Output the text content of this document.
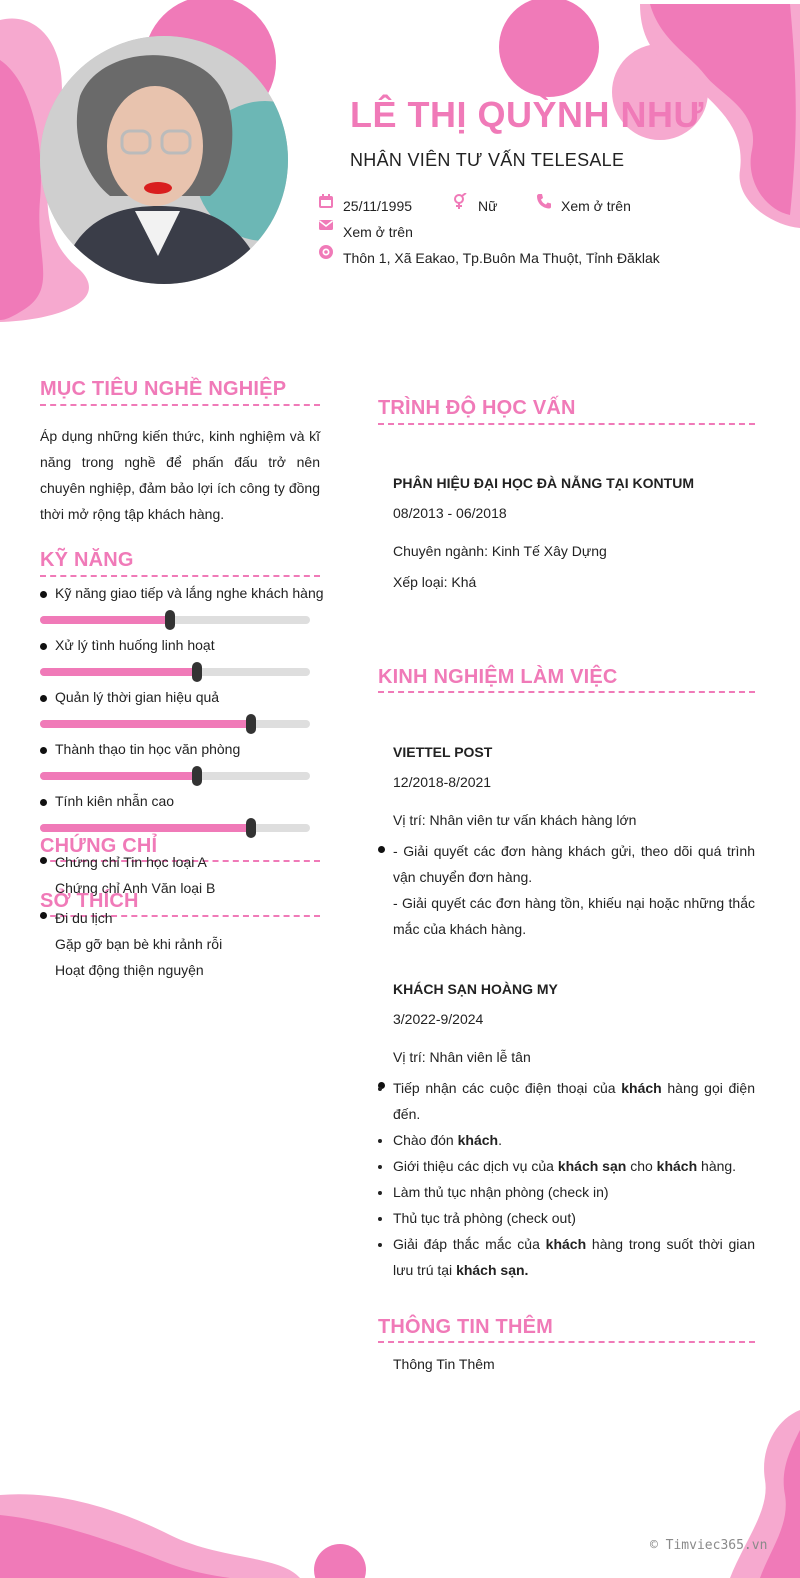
LÊ THỊ QUỲNH NHƯ
NHÂN VIÊN TƯ VẤN TELESALE
25/11/1995	Nữ	Xem ở trên
Xem ở trên
Thôn 1, Xã Eakao, Tp.Buôn Ma Thuột, Tỉnh Đăklak
MỤC TIÊU NGHỀ NGHIỆP
Áp dụng những kiến thức, kinh nghiệm và kĩ năng trong nghề để phấn đấu trở nên chuyên nghiệp, đảm bảo lợi ích công ty đồng thời mở rộng tập khách hàng.
KỸ NĂNG
Kỹ năng giao tiếp và lắng nghe khách hàng
Xử lý tình huống linh hoạt
Quản lý thời gian hiệu quả
Thành thạo tin học văn phòng
Tính kiên nhẫn cao
CHỨNG CHỈ
Chứng chỉ Tin học loại A
Chứng chỉ Anh Văn loại B
SỞ THÍCH
Đi du lịch
Gặp gỡ bạn bè khi rảnh rỗi
Hoạt động thiện nguyện
TRÌNH ĐỘ HỌC VẤN
PHÂN HIỆU ĐẠI HỌC ĐÀ NẴNG TẠI KONTUM
08/2013 - 06/2018
Chuyên ngành: Kinh Tế Xây Dựng
Xếp loại: Khá
KINH NGHIỆM LÀM VIỆC
VIETTEL POST
12/2018-8/2021
Vị trí: Nhân viên tư vấn khách hàng lớn
- Giải quyết các đơn hàng khách gửi, theo dõi quá trình vận chuyển đơn hàng.
- Giải quyết các đơn hàng tồn, khiếu nại hoặc những thắc mắc của khách hàng.
KHÁCH SẠN HOÀNG MY
3/2022-9/2024
Vị trí: Nhân viên lễ tân
• Tiếp nhận các cuộc điện thoại của khách hàng gọi điện đến.
• Chào đón khách.
• Giới thiệu các dịch vụ của khách sạn cho khách hàng.
• Làm thủ tục nhận phòng (check in)
• Thủ tục trả phòng (check out)
• Giải đáp thắc mắc của khách hàng trong suốt thời gian lưu trú tại khách sạn.
THÔNG TIN THÊM
Thông Tin Thêm
© Timviec365.vn
